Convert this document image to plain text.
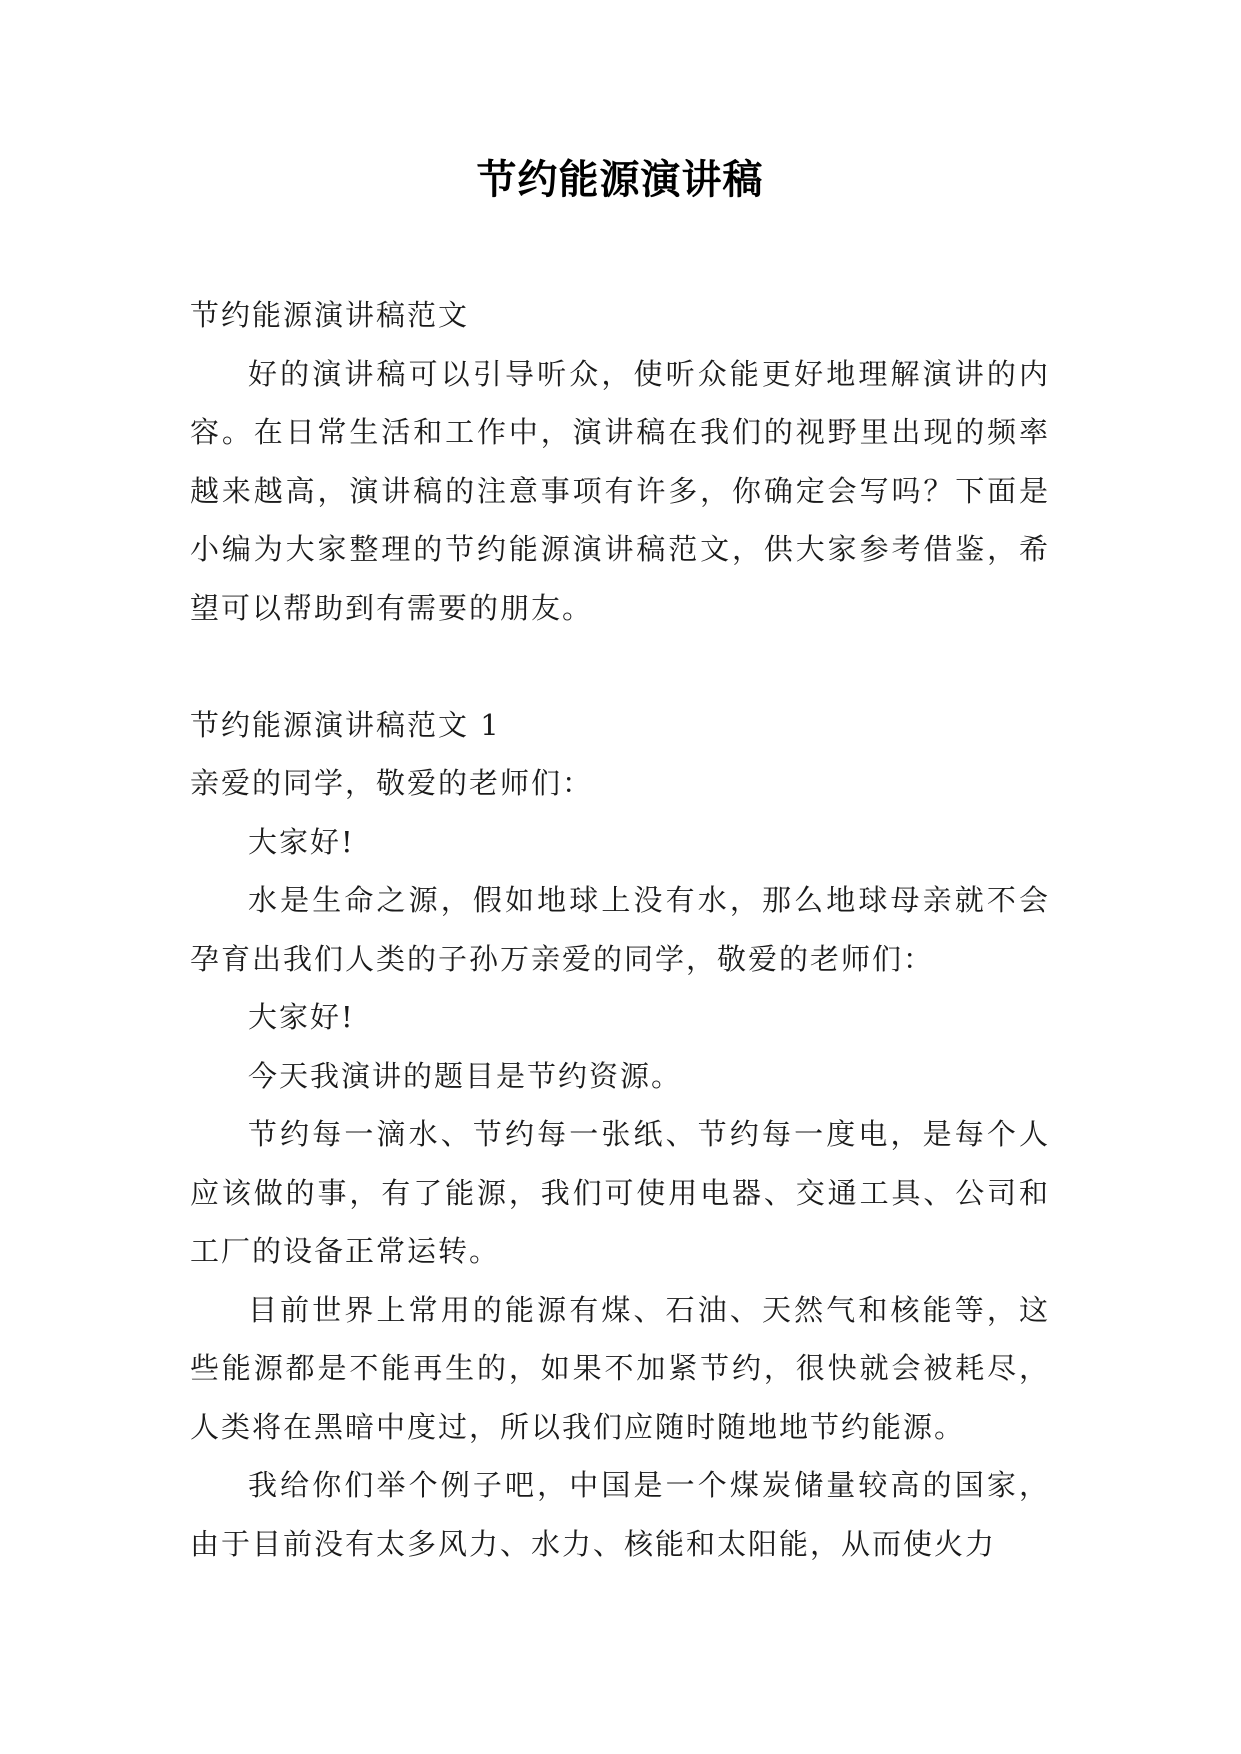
节约能源演讲稿

节约能源演讲稿范文

好的演讲稿可以引导听众，使听众能更好地理解演讲的内容。在日常生活和工作中，演讲稿在我们的视野里出现的频率越来越高，演讲稿的注意事项有许多，你确定会写吗？下面是小编为大家整理的节约能源演讲稿范文，供大家参考借鉴，希望可以帮助到有需要的朋友。

节约能源演讲稿范文 1

亲爱的同学，敬爱的老师们：

大家好!

水是生命之源，假如地球上没有水，那么地球母亲就不会孕育出我们人类的子孙万亲爱的同学，敬爱的老师们：

大家好!

今天我演讲的题目是节约资源。

节约每一滴水、节约每一张纸、节约每一度电，是每个人应该做的事，有了能源，我们可使用电器、交通工具、公司和工厂的设备正常运转。

目前世界上常用的能源有煤、石油、天然气和核能等，这些能源都是不能再生的，如果不加紧节约，很快就会被耗尽，人类将在黑暗中度过，所以我们应随时随地地节约能源。

我给你们举个例子吧，中国是一个煤炭储量较高的国家，由于目前没有太多风力、水力、核能和太阳能，从而使火力
